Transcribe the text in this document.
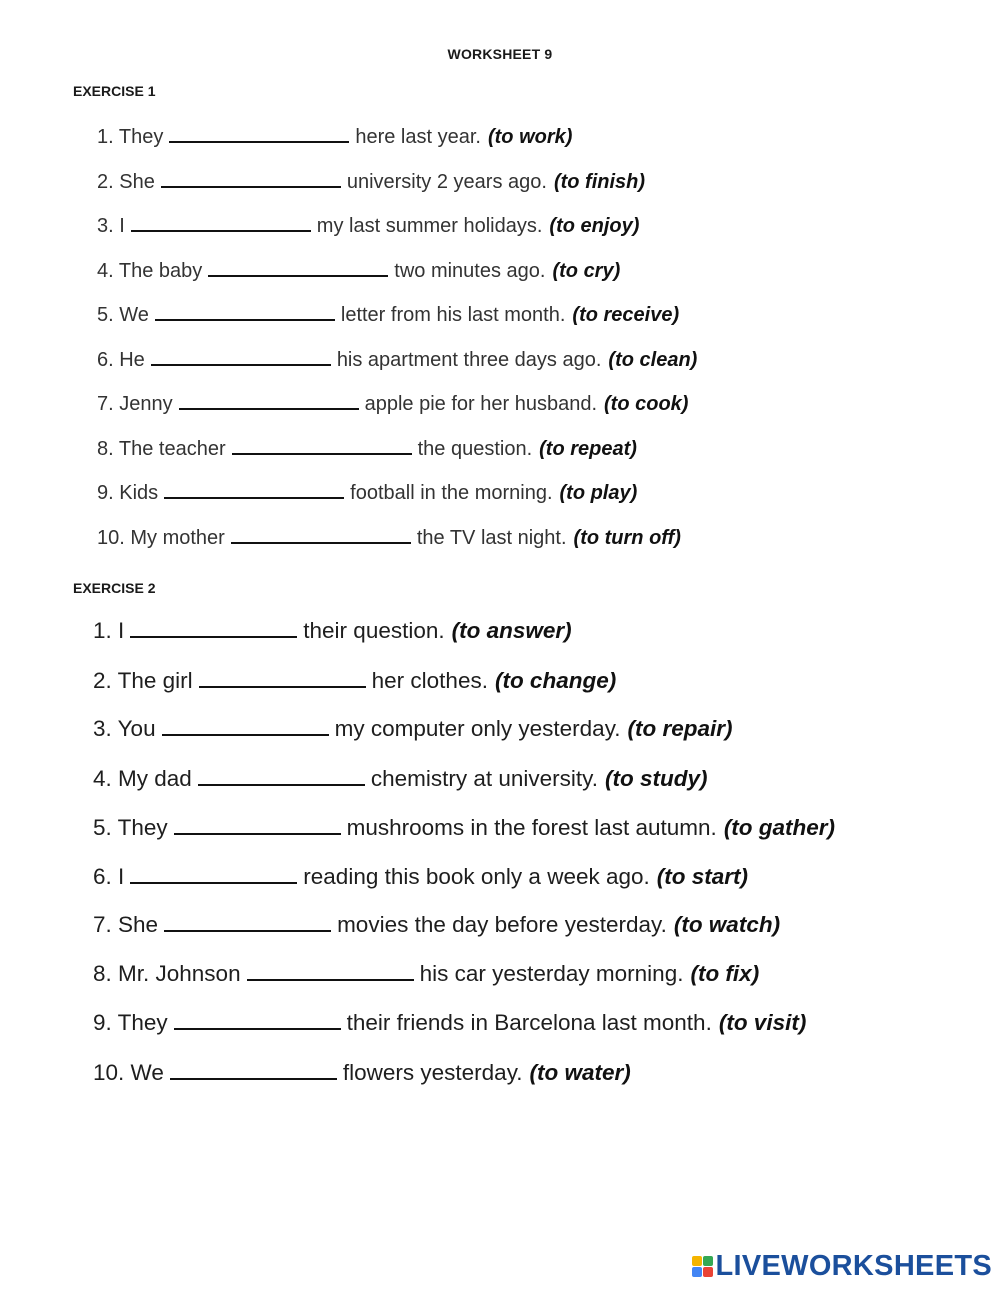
WORKSHEET 9
EXERCISE 1
1. They	here last year. (to work)
2. She	university 2 years ago. (to finish)
3. I	my last summer holidays. (to enjoy)
4. The baby	two minutes ago. (to cry)
5. We	letter from his last month. (to receive)
6. He	his apartment three days ago. (to clean)
7. Jenny	apple pie for her husband. (to cook)
8. The teacher	the question. (to repeat)
9. Kids	football in the morning. (to play)
10. My mother	the TV last night. (to turn off)
EXERCISE 2
1. I	their question. (to answer)
2. The girl	her clothes. (to change)
3. You	my computer only yesterday. (to repair)
4. My dad	chemistry at university. (to study)
5. They	mushrooms in the forest last autumn. (to gather)
6. I	reading this book only a week ago. (to start)
7. She	movies the day before yesterday. (to watch)
8. Mr. Johnson	his car yesterday morning. (to fix)
9. They	their friends in Barcelona last month. (to visit)
10. We	flowers yesterday. (to water)
LIVEWORKSHEETS
